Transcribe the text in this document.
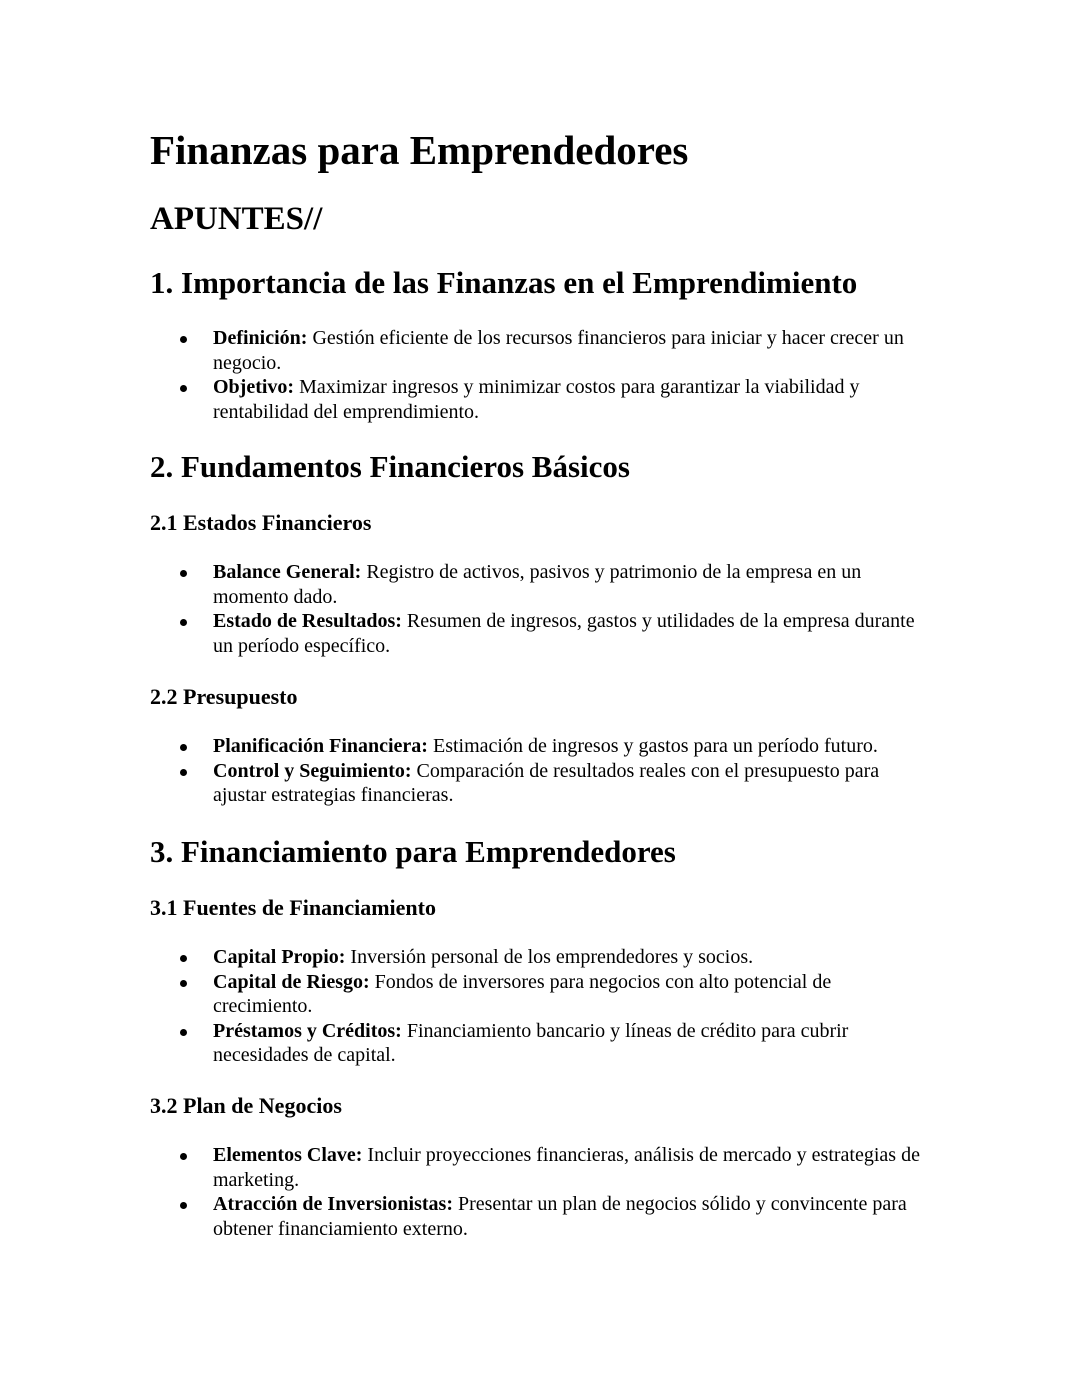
Finanzas para Emprendedores
APUNTES//
1. Importancia de las Finanzas en el Emprendimiento
Definición: Gestión eficiente de los recursos financieros para iniciar y hacer crecer un negocio.
Objetivo: Maximizar ingresos y minimizar costos para garantizar la viabilidad y rentabilidad del emprendimiento.
2. Fundamentos Financieros Básicos
2.1 Estados Financieros
Balance General: Registro de activos, pasivos y patrimonio de la empresa en un momento dado.
Estado de Resultados: Resumen de ingresos, gastos y utilidades de la empresa durante un período específico.
2.2 Presupuesto
Planificación Financiera: Estimación de ingresos y gastos para un período futuro.
Control y Seguimiento: Comparación de resultados reales con el presupuesto para ajustar estrategias financieras.
3. Financiamiento para Emprendedores
3.1 Fuentes de Financiamiento
Capital Propio: Inversión personal de los emprendedores y socios.
Capital de Riesgo: Fondos de inversores para negocios con alto potencial de crecimiento.
Préstamos y Créditos: Financiamiento bancario y líneas de crédito para cubrir necesidades de capital.
3.2 Plan de Negocios
Elementos Clave: Incluir proyecciones financieras, análisis de mercado y estrategias de marketing.
Atracción de Inversionistas: Presentar un plan de negocios sólido y convincente para obtener financiamiento externo.
